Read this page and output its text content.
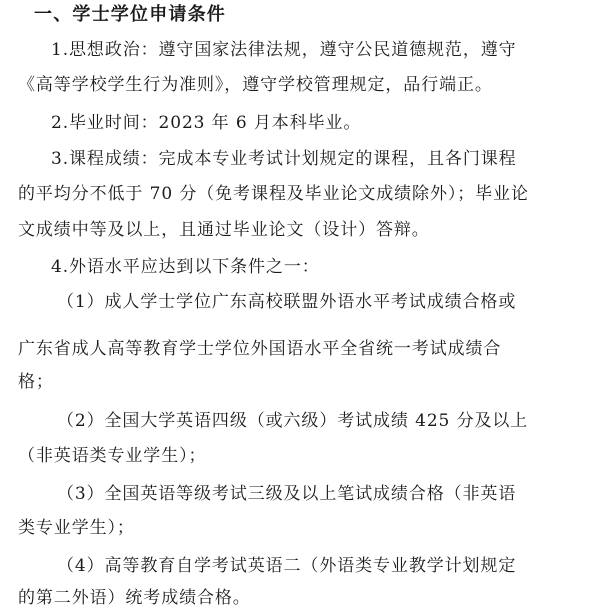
一、学士学位申请条件
1.思想政治：遵守国家法律法规，遵守公民道德规范，遵守
《高等学校学生行为准则》，遵守学校管理规定，品行端正。
2.毕业时间：2023 年 6 月本科毕业。
3.课程成绩：完成本专业考试计划规定的课程，且各门课程
的平均分不低于 70 分（免考课程及毕业论文成绩除外）；毕业论
文成绩中等及以上，且通过毕业论文（设计）答辩。
4.外语水平应达到以下条件之一：
（1）成人学士学位广东高校联盟外语水平考试成绩合格或
广东省成人高等教育学士学位外国语水平全省统一考试成绩合
格；
（2）全国大学英语四级（或六级）考试成绩 425 分及以上
（非英语类专业学生）；
（3）全国英语等级考试三级及以上笔试成绩合格（非英语
类专业学生）；
（4）高等教育自学考试英语二（外语类专业教学计划规定
的第二外语）统考成绩合格。
